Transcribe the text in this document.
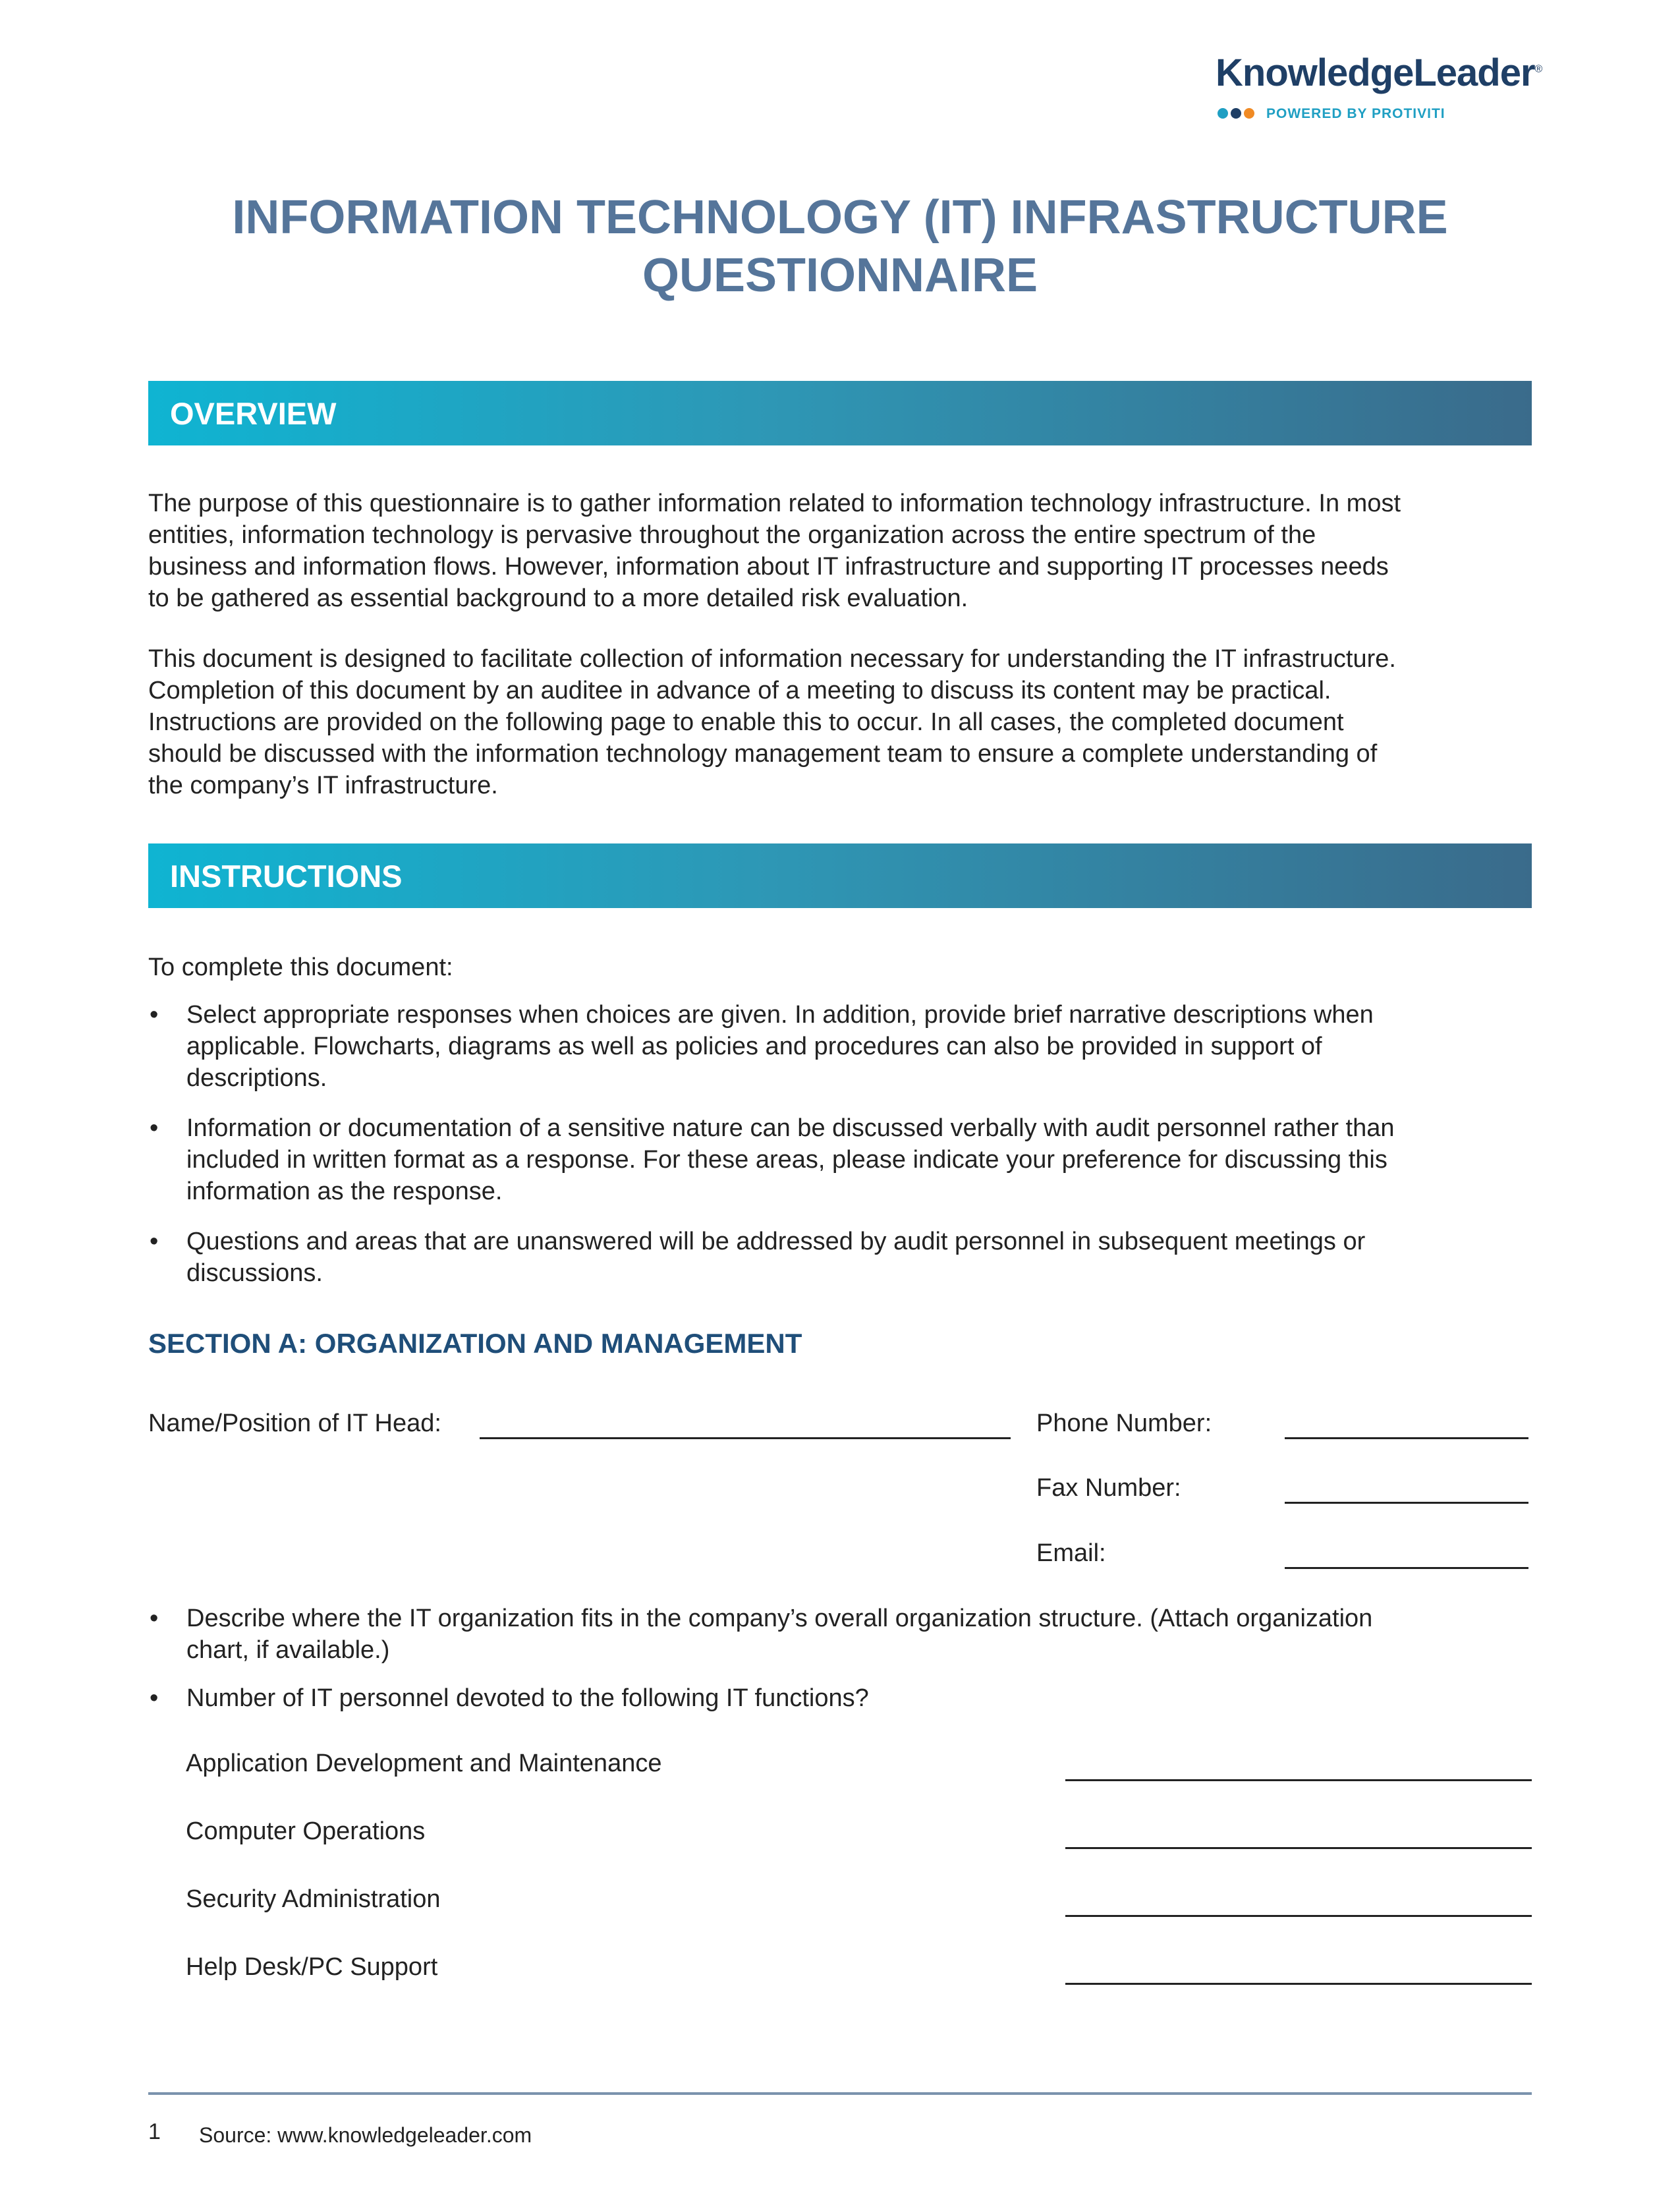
KnowledgeLeader®
POWERED BY PROTIVITI
INFORMATION TECHNOLOGY (IT) INFRASTRUCTURE
QUESTIONNAIRE
OVERVIEW
The purpose of this questionnaire is to gather information related to information technology infrastructure. In most
entities, information technology is pervasive throughout the organization across the entire spectrum of the
business and information flows. However, information about IT infrastructure and supporting IT processes needs
to be gathered as essential background to a more detailed risk evaluation.
This document is designed to facilitate collection of information necessary for understanding the IT infrastructure.
Completion of this document by an auditee in advance of a meeting to discuss its content may be practical.
Instructions are provided on the following page to enable this to occur. In all cases, the completed document
should be discussed with the information technology management team to ensure a complete understanding of
the company’s IT infrastructure.
INSTRUCTIONS
To complete this document:
• Select appropriate responses when choices are given. In addition, provide brief narrative descriptions when
applicable. Flowcharts, diagrams as well as policies and procedures can also be provided in support of
descriptions.
• Information or documentation of a sensitive nature can be discussed verbally with audit personnel rather than
included in written format as a response. For these areas, please indicate your preference for discussing this
information as the response.
• Questions and areas that are unanswered will be addressed by audit personnel in subsequent meetings or
discussions.
SECTION A: ORGANIZATION AND MANAGEMENT
Name/Position of IT Head:	Phone Number:
Fax Number:
Email:
• Describe where the IT organization fits in the company’s overall organization structure. (Attach organization
chart, if available.)
• Number of IT personnel devoted to the following IT functions?
Application Development and Maintenance
Computer Operations
Security Administration
Help Desk/PC Support
1 Source: www.knowledgeleader.com
